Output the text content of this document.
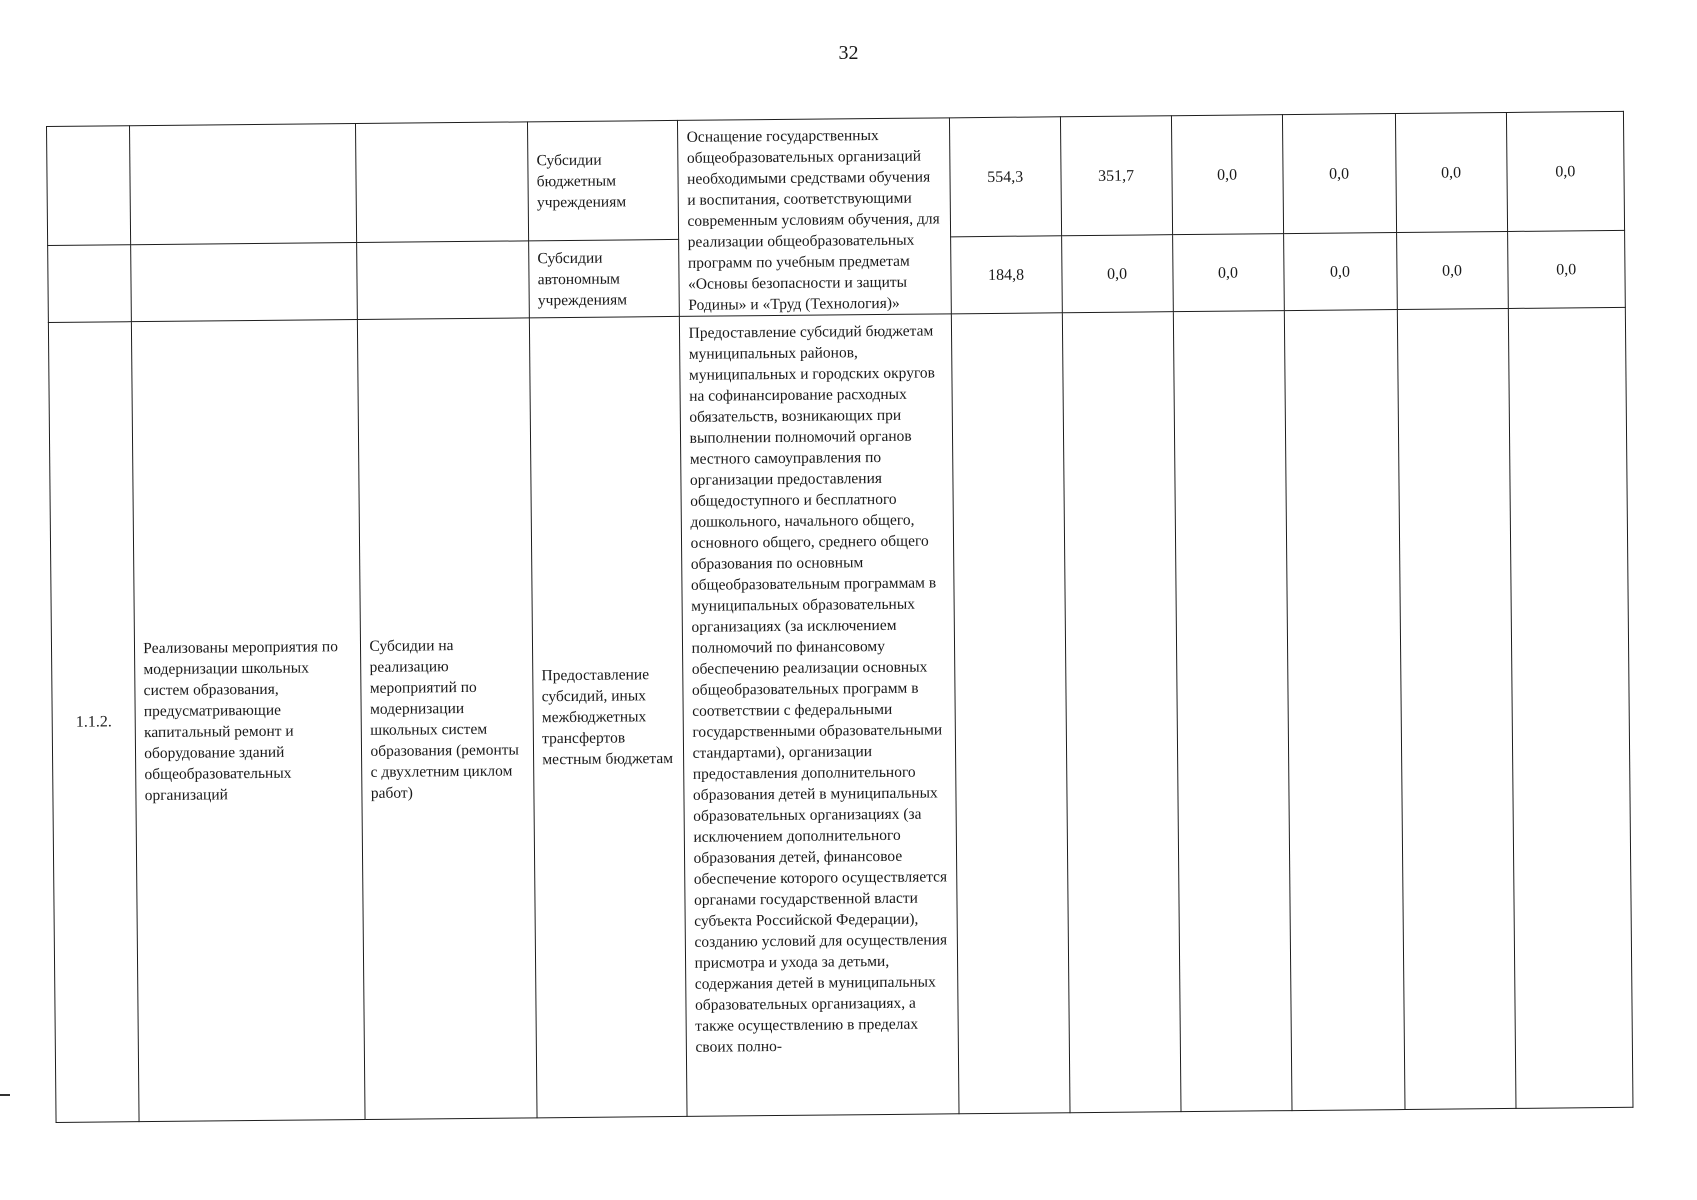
32
			Субсидии бюджетным учреждениям	Оснащение государственных общеобразовательных организаций необходимыми средствами обучения и воспитания, соответствующими современным условиям обучения, для реализации общеобразовательных программ по учебным предметам «Основы безопасности и защиты Родины» и «Труд (Технология)»	554,3	351,7	0,0	0,0	0,0	0,0
			Субсидии автономным учреждениям		184,8	0,0	0,0	0,0	0,0	0,0
1.1.2.	Реализованы мероприятия по модернизации школьных систем образования, предусматривающие капитальный ремонт и оборудование зданий общеобразовательных организаций	Субсидии на реализацию мероприятий по модернизации школьных систем образования (ремонты с двухлетним циклом работ)	Предоставление субсидий, иных межбюджетных трансфертов местным бюджетам	Предоставление субсидий бюджетам муниципальных районов, муниципальных и городских округов на софинансирование расходных обязательств, возникающих при выполнении полномочий органов местного самоуправления по организации предоставления общедоступного и бесплатного дошкольного, начального общего, основного общего, среднего общего образования по основным общеобразовательным программам в муниципальных образовательных организациях (за исключением полномочий по финансовому обеспечению реализации основных общеобразовательных программ в соответствии с федеральными государственными образовательными стандартами), организации предоставления дополнительного образования детей в муниципальных образовательных организациях (за исключением дополнительного образования детей, финансовое обеспечение которого осуществляется органами государственной власти субъекта Российской Федерации), созданию условий для осуществления присмотра и ухода за детьми, содержания детей в муниципальных образовательных организациях, а также осуществлению в пределах своих полно-						
